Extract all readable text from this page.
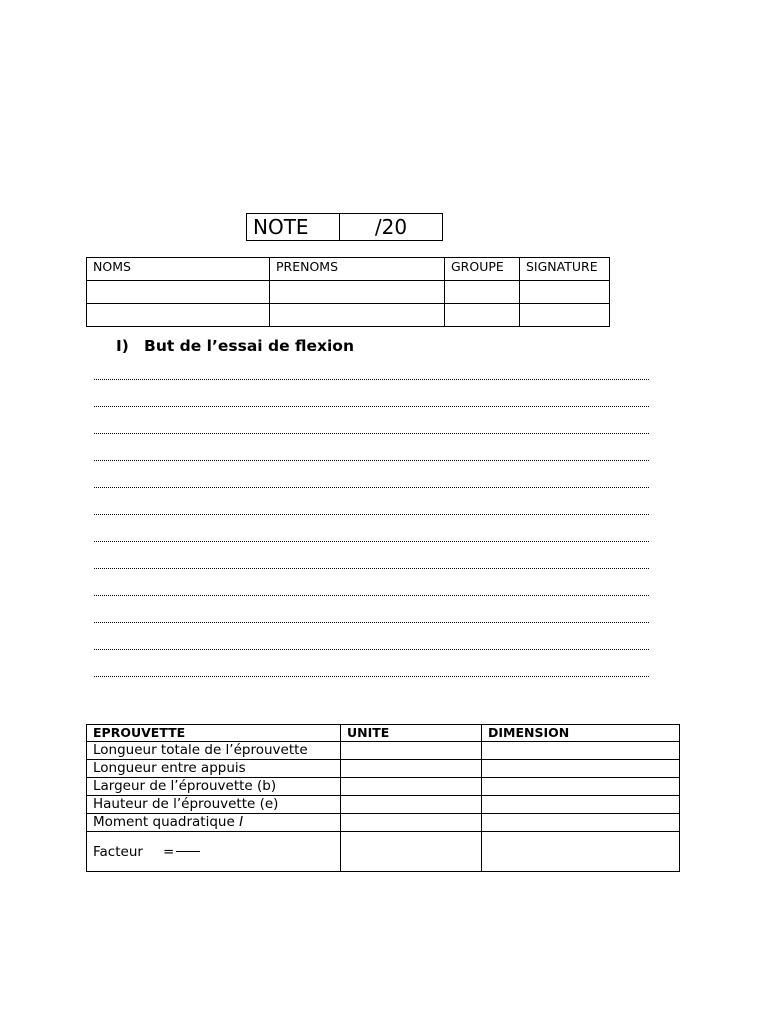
NOTE	/20
NOMS	PRENOMS	GROUPE	SIGNATURE

I) But de l’essai de flexion
EPROUVETTE	UNITE	DIMENSION
Longueur totale de l’éprouvette		
Longueur entre appuis		
Largeur de l’éprouvette (b)		
Hauteur de l’éprouvette (e)		
Moment quadratique I		
Facteur =		
